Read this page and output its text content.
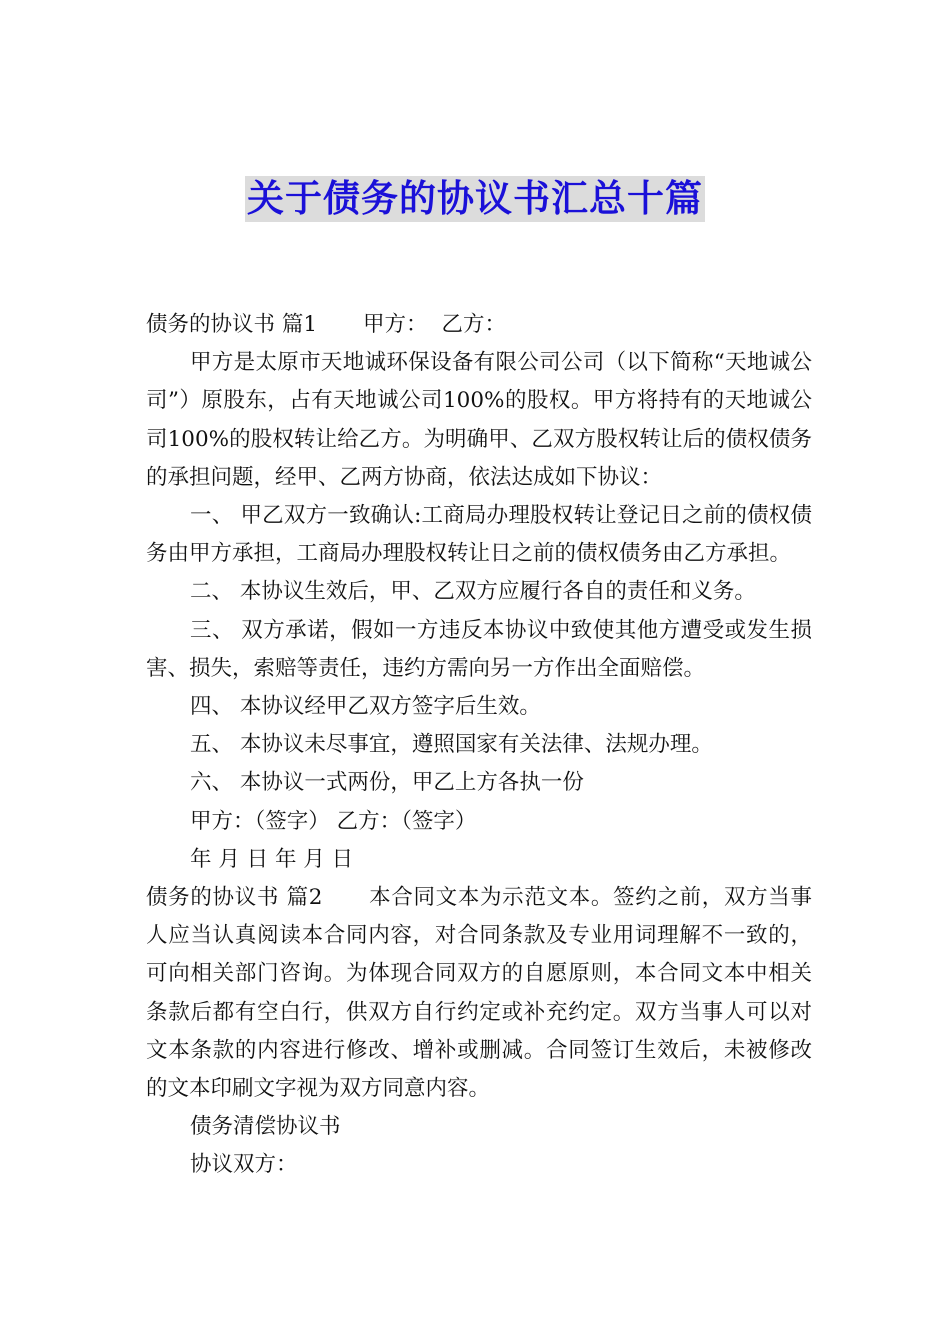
关于债务的协议书汇总十篇

债务的协议书 篇1 甲方： 乙方：

甲方是太原市天地诚环保设备有限公司公司（以下简称“天地诚公司”）原股东，占有天地诚公司100%的股权。甲方将持有的天地诚公司100%的股权转让给乙方。为明确甲、乙双方股权转让后的债权债务的承担问题，经甲、乙两方协商，依法达成如下协议：

一、 甲乙双方一致确认:工商局办理股权转让登记日之前的债权债务由甲方承担，工商局办理股权转让日之前的债权债务由乙方承担。

二、 本协议生效后，甲、乙双方应履行各自的责任和义务。

三、 双方承诺，假如一方违反本协议中致使其他方遭受或发生损害、损失，索赔等责任，违约方需向另一方作出全面赔偿。

四、 本协议经甲乙双方签字后生效。

五、 本协议未尽事宜，遵照国家有关法律、法规办理。

六、 本协议一式两份，甲乙上方各执一份

甲方：（签字） 乙方：（签字）

年 月 日 年 月 日

债务的协议书 篇2 本合同文本为示范文本。签约之前，双方当事人应当认真阅读本合同内容，对合同条款及专业用词理解不一致的，可向相关部门咨询。为体现合同双方的自愿原则，本合同文本中相关条款后都有空白行，供双方自行约定或补充约定。双方当事人可以对文本条款的内容进行修改、增补或删减。合同签订生效后，未被修改的文本印刷文字视为双方同意内容。

债务清偿协议书

协议双方：
